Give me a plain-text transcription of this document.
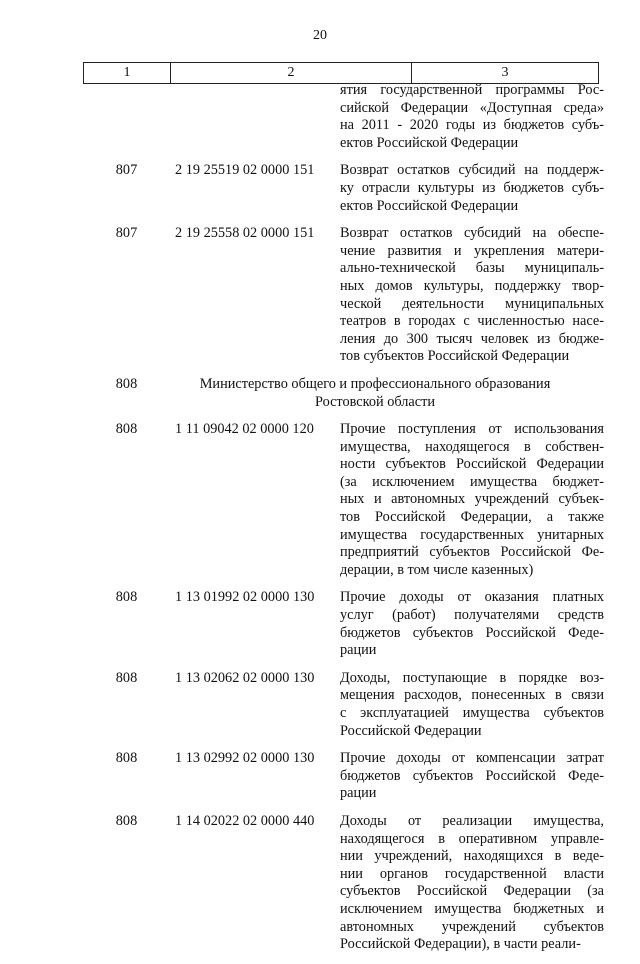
20
1	2	3
ятия государственной программы Рос-
сийской Федерации «Доступная среда»
на 2011 - 2020 годы из бюджетов субъ-
ектов Российской Федерации
807	2 19 25519 02 0000 151	Возврат остатков субсидий на поддерж-
ку отрасли культуры из бюджетов субъ-
ектов Российской Федерации
807	2 19 25558 02 0000 151	Возврат остатков субсидий на обеспе-
чение развития и укрепления матери-
ально-технической базы муниципаль-
ных домов культуры, поддержку твор-
ческой деятельности муниципальных
театров в городах с численностью насе-
ления до 300 тысяч человек из бюдже-
тов субъектов Российской Федерации
808	Министерство общего и профессионального образования
Ростовской области
808	1 11 09042 02 0000 120	Прочие поступления от использования
имущества, находящегося в собствен-
ности субъектов Российской Федерации
(за исключением имущества бюджет-
ных и автономных учреждений субъек-
тов Российской Федерации, а также
имущества государственных унитарных
предприятий субъектов Российской Фе-
дерации, в том числе казенных)
808	1 13 01992 02 0000 130	Прочие доходы от оказания платных
услуг (работ) получателями средств
бюджетов субъектов Российской Феде-
рации
808	1 13 02062 02 0000 130	Доходы, поступающие в порядке воз-
мещения расходов, понесенных в связи
с эксплуатацией имущества субъектов
Российской Федерации
808	1 13 02992 02 0000 130	Прочие доходы от компенсации затрат
бюджетов субъектов Российской Феде-
рации
808	1 14 02022 02 0000 440	Доходы от реализации имущества,
находящегося в оперативном управле-
нии учреждений, находящихся в веде-
нии органов государственной власти
субъектов Российской Федерации (за
исключением имущества бюджетных и
автономных учреждений субъектов
Российской Федерации), в части реали-
